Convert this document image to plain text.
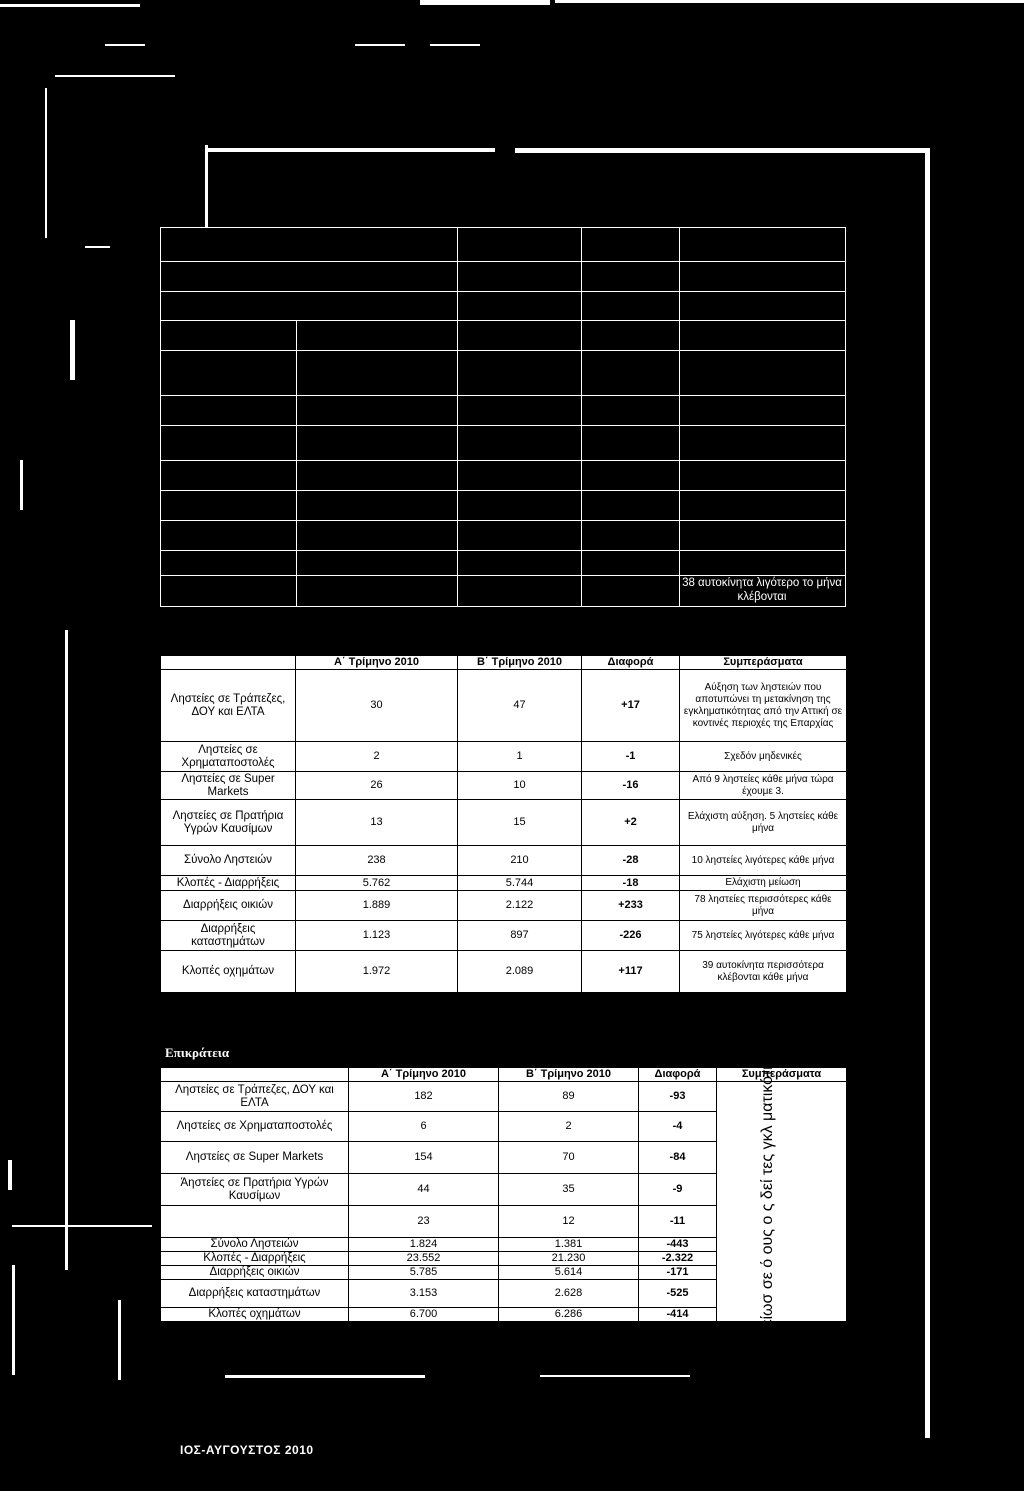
38 αυτοκίνητα λιγότερο το μήνα κλέβονται
	Α΄ Τρίμηνο 2010	Β΄ Τρίμηνο 2010	Διαφορά	Συμπεράσματα
Ληστείες σε Τράπεζες, ΔΟΥ και ΕΛΤΑ	30	47	+17	Αύξηση των ληστειών που αποτυπώνει τη μετακίνηση της εγκληματικότητας από την Αττική σε κοντινές περιοχές της Επαρχίας
Ληστείες σε Χρηματαποστολές	2	1	-1	Σχεδόν μηδενικές
Ληστείες σε Super Markets	26	10	-16	Από 9 ληστείες κάθε μήνα τώρα έχουμε 3.
Ληστείες σε Πρατήρια Υγρών Καυσίμων	13	15	+2	Ελάχιστη αύξηση. 5 ληστείες κάθε μήνα
Σύνολο Ληστειών	238	210	-28	10 ληστείες λιγότερες κάθε μήνα
Κλοπές - Διαρρήξεις	5.762	5.744	-18	Ελάχιστη μείωση
Διαρρήξεις οικιών	1.889	2.122	+233	78 ληστείες περισσότερες κάθε μήνα
Διαρρήξεις καταστημάτων	1.123	897	-226	75 ληστείες λιγότερες κάθε μήνα
Κλοπές οχημάτων	1.972	2.089	+117	39 αυτοκίνητα περισσότερα κλέβονται κάθε μήνα
Επικράτεια
	Α΄ Τρίμηνο 2010	Β΄ Τρίμηνο 2010	Διαφορά	Συμπεράσματα
Ληστείες σε Τράπεζες, ΔΟΥ και ΕΛΤΑ	182	89	-93	
Ληστείες σε Χρηματαποστολές	6	2	-4	
Ληστείες σε Super Markets	154	70	-84	
Άηστείες σε Πρατήρια Υγρών Καυσίμων	44	35	-9	
	23	12	-11	
Σύνολο Ληστειών	1.824	1.381	-443	
Κλοπές - Διαρρήξεις	23.552	21.230	-2.322	
Διαρρήξεις οικιών	5.785	5.614	-171	
Διαρρήξεις καταστημάτων	3.153	2.628	-525	
Κλοπές οχημάτων	6.700	6.286	-414		Μείωσ σε ό ους ο ς δεί τες γκλ ματικότη ας
ΙΟΣ-ΑΥΓΟΥΣΤΟΣ 2010
